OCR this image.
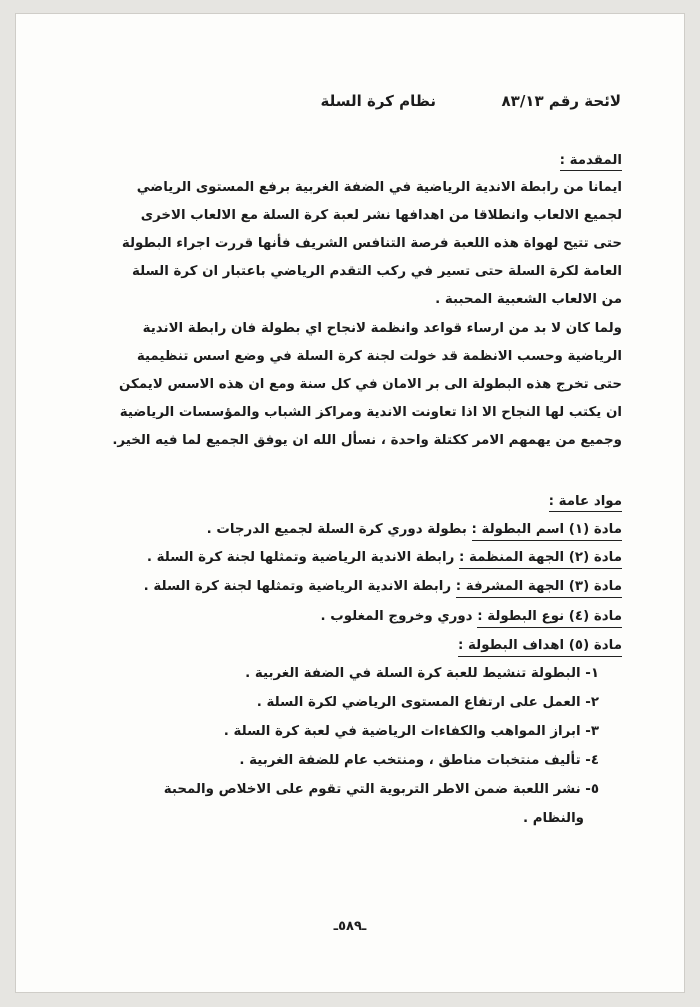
لائحة رقم ٨٣/١٣
نظام كرة السلة
المقدمة :
ايمانا من رابطة الاندية الرياضية في الضفة الغربية برفع المستوى الرياضي
لجميع الالعاب وانطلاقا من اهدافها نشر لعبة كرة السلة مع الالعاب الاخرى
حتى تتيح لهواة هذه اللعبة فرصة التنافس الشريف فأنها قررت اجراء البطولة
العامة لكرة السلة حتى تسير في ركب التقدم الرياضي باعتبار ان كرة السلة
من الالعاب الشعبية المحببة .
ولما كان لا بد من ارساء قواعد وانظمة لانجاح اي بطولة فان رابطة الاندية
الرياضية وحسب الانظمة قد خولت لجنة كرة السلة في وضع اسس تنظيمية
حتى تخرج هذه البطولة الى بر الامان في كل سنة ومع ان هذه الاسس لايمكن
ان يكتب لها النجاح الا اذا تعاونت الاندية ومراكز الشباب والمؤسسات الرياضية
وجميع من يهمهم الامر ككتلة واحدة ، نسأل الله ان يوفق الجميع لما فيه الخير.
مواد عامة :
مادة (١) اسم البطولة : بطولة دوري كرة السلة لجميع الدرجات .
مادة (٢) الجهة المنظمة : رابطة الاندية الرياضية وتمثلها لجنة كرة السلة .
مادة (٣) الجهة المشرفة : رابطة الاندية الرياضية وتمثلها لجنة كرة السلة .
مادة (٤) نوع البطولة : دوري وخروج المغلوب .
مادة (٥) اهداف البطولة :
١- البطولة تنشيط للعبة كرة السلة في الضفة الغربية .
٢- العمل على ارتفاع المستوى الرياضي لكرة السلة .
٣- ابراز المواهب والكفاءات الرياضية في لعبة كرة السلة .
٤- تأليف منتخبات مناطق ، ومنتخب عام للضفة الغربية .
٥- نشر اللعبة ضمن الاطر التربوية التي تقوم على الاخلاص والمحبة
والنظام .
ـ٥٨٩ـ
